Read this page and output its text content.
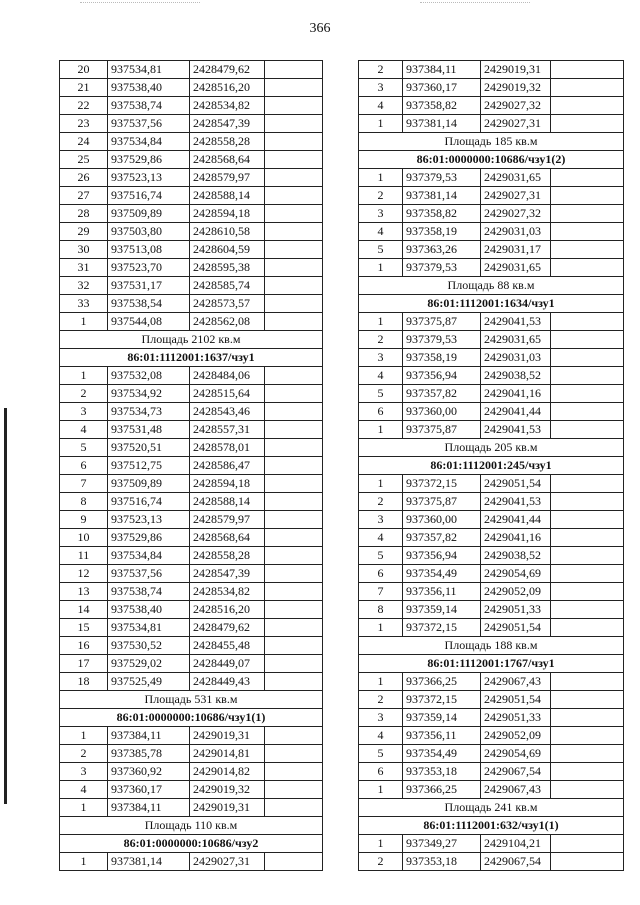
366
20	937534,81	2428479,62	
21	937538,40	2428516,20	
22	937538,74	2428534,82	
23	937537,56	2428547,39	
24	937534,84	2428558,28	
25	937529,86	2428568,64	
26	937523,13	2428579,97	
27	937516,74	2428588,14	
28	937509,89	2428594,18	
29	937503,80	2428610,58	
30	937513,08	2428604,59	
31	937523,70	2428595,38	
32	937531,17	2428585,74	
33	937538,54	2428573,57	
1	937544,08	2428562,08	
Площадь 2102 кв.м			
86:01:1112001:1637/чзу1			
1	937532,08	2428484,06	
2	937534,92	2428515,64	
3	937534,73	2428543,46	
4	937531,48	2428557,31	
5	937520,51	2428578,01	
6	937512,75	2428586,47	
7	937509,89	2428594,18	
8	937516,74	2428588,14	
9	937523,13	2428579,97	
10	937529,86	2428568,64	
11	937534,84	2428558,28	
12	937537,56	2428547,39	
13	937538,74	2428534,82	
14	937538,40	2428516,20	
15	937534,81	2428479,62	
16	937530,52	2428455,48	
17	937529,02	2428449,07	
18	937525,49	2428449,43	
Площадь 531 кв.м			
86:01:0000000:10686/чзу1(1)			
1	937384,11	2429019,31	
2	937385,78	2429014,81	
3	937360,92	2429014,82	
4	937360,17	2429019,32	
1	937384,11	2429019,31	
Площадь 110 кв.м			
86:01:0000000:10686/чзу2			
1	937381,14	2429027,31	
2	937384,11	2429019,31	
3	937360,17	2429019,32	
4	937358,82	2429027,32	
1	937381,14	2429027,31	
Площадь 185 кв.м			
86:01:0000000:10686/чзу1(2)			
1	937379,53	2429031,65	
2	937381,14	2429027,31	
3	937358,82	2429027,32	
4	937358,19	2429031,03	
5	937363,26	2429031,17	
1	937379,53	2429031,65	
Площадь 88 кв.м			
86:01:1112001:1634/чзу1			
1	937375,87	2429041,53	
2	937379,53	2429031,65	
3	937358,19	2429031,03	
4	937356,94	2429038,52	
5	937357,82	2429041,16	
6	937360,00	2429041,44	
1	937375,87	2429041,53	
Площадь 205 кв.м			
86:01:1112001:245/чзу1			
1	937372,15	2429051,54	
2	937375,87	2429041,53	
3	937360,00	2429041,44	
4	937357,82	2429041,16	
5	937356,94	2429038,52	
6	937354,49	2429054,69	
7	937356,11	2429052,09	
8	937359,14	2429051,33	
1	937372,15	2429051,54	
Площадь 188 кв.м			
86:01:1112001:1767/чзу1			
1	937366,25	2429067,43	
2	937372,15	2429051,54	
3	937359,14	2429051,33	
4	937356,11	2429052,09	
5	937354,49	2429054,69	
6	937353,18	2429067,54	
1	937366,25	2429067,43	
Площадь 241 кв.м			
86:01:1112001:632/чзу1(1)			
1	937349,27	2429104,21	
2	937353,18	2429067,54	
